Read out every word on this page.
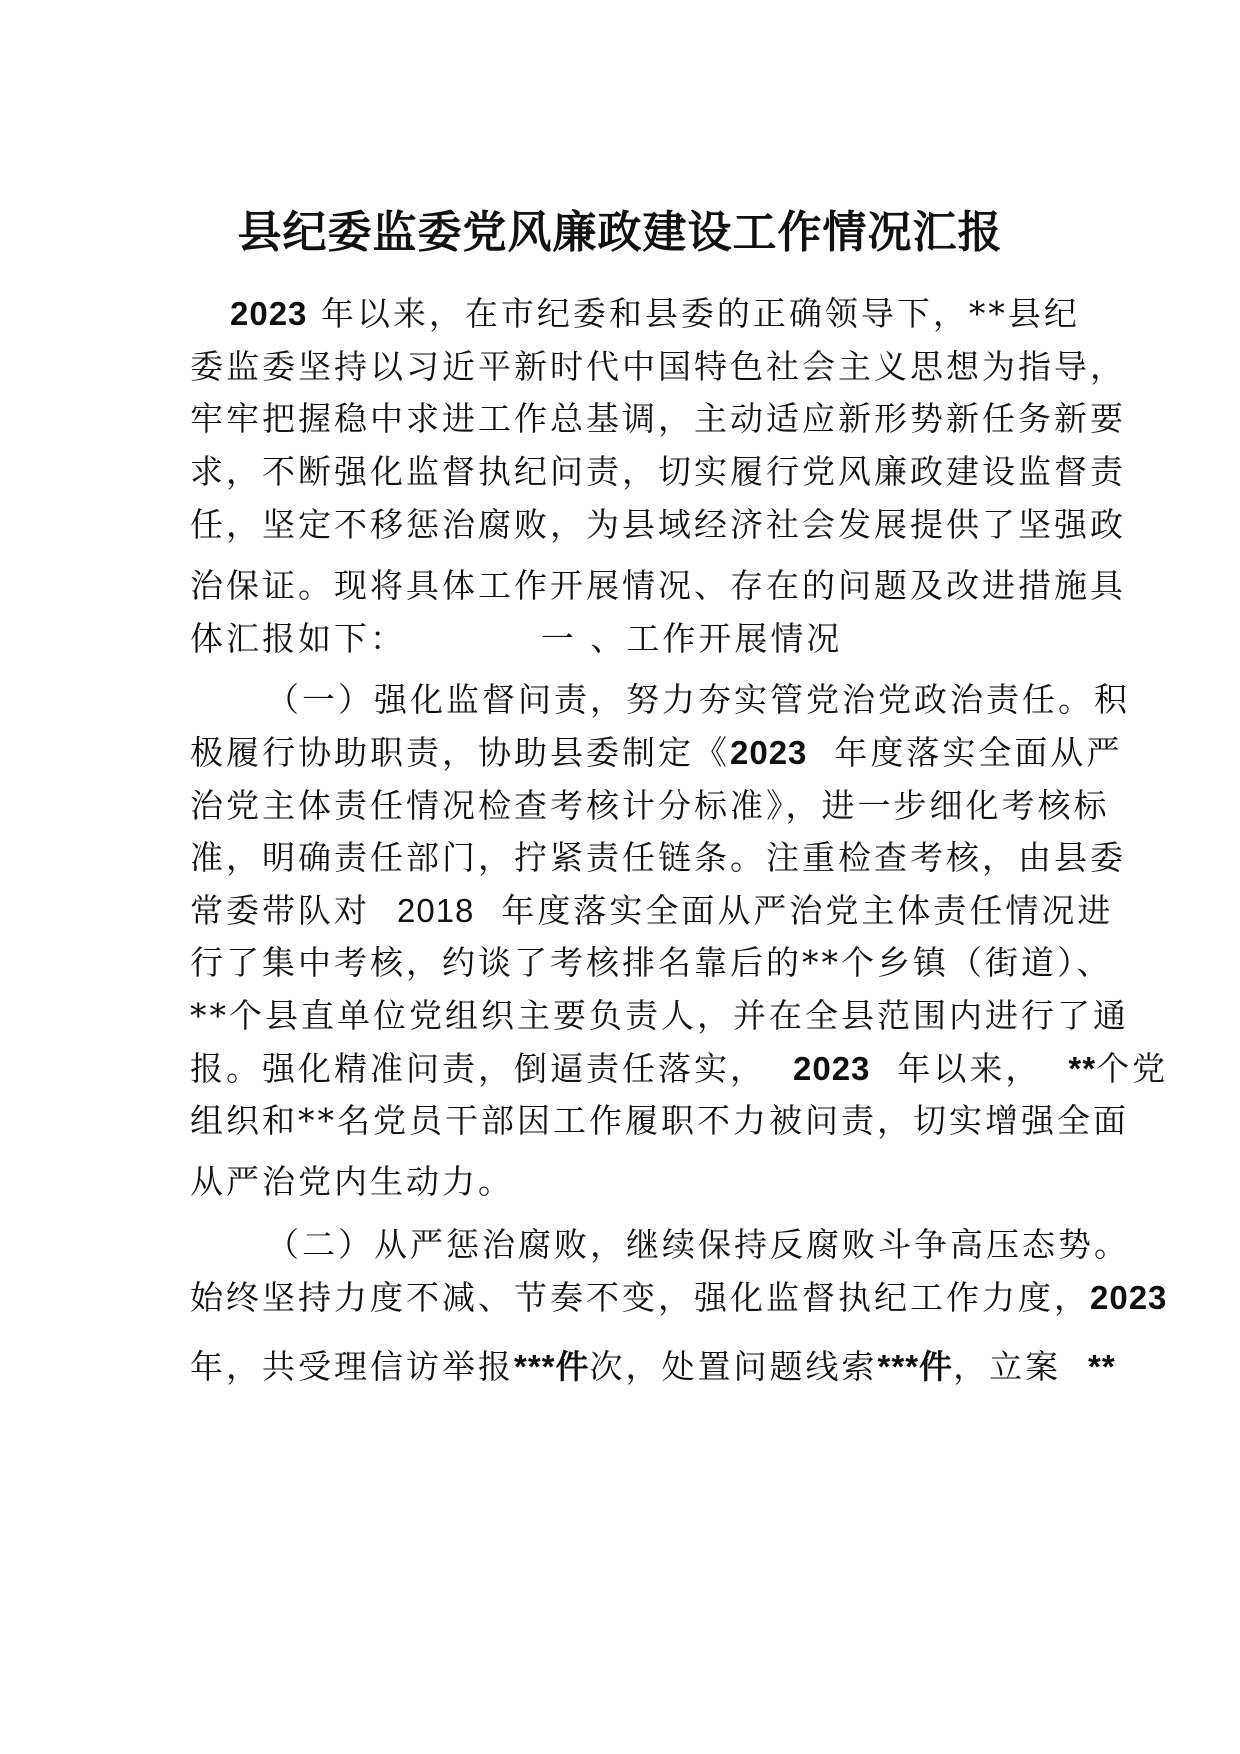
县纪委监委党风廉政建设工作情况汇报
2023 年以来，在市纪委和县委的正确领导下，**县纪
委监委坚持以习近平新时代中国特色社会主义思想为指导，
牢牢把握稳中求进工作总基调，主动适应新形势新任务新要
求，不断强化监督执纪问责，切实履行党风廉政建设监督责
任，坚定不移惩治腐败，为县域经济社会发展提供了坚强政
治保证。现将具体工作开展情况、存在的问题及改进措施具
体汇报如下：          一 、工作开展情况
（一）强化监督问责，努力夯实管党治党政治责任。积
极履行协助职责，协助县委制定《2023  年度落实全面从严
治党主体责任情况检查考核计分标准》，进一步细化考核标
准，明确责任部门，拧紧责任链条。注重检查考核，由县委
常委带队对  2018  年度落实全面从严治党主体责任情况进
行了集中考核，约谈了考核排名靠后的**个乡镇（街道）、
**个县直单位党组织主要负责人，并在全县范围内进行了通
报。强化精准问责，倒逼责任落实，  2023  年以来，  **个党
组织和**名党员干部因工作履职不力被问责，切实增强全面
从严治党内生动力。
（二）从严惩治腐败，继续保持反腐败斗争高压态势。
始终坚持力度不减、节奏不变，强化监督执纪工作力度，2023
年，共受理信访举报***件次，处置问题线索***件，立案  **
